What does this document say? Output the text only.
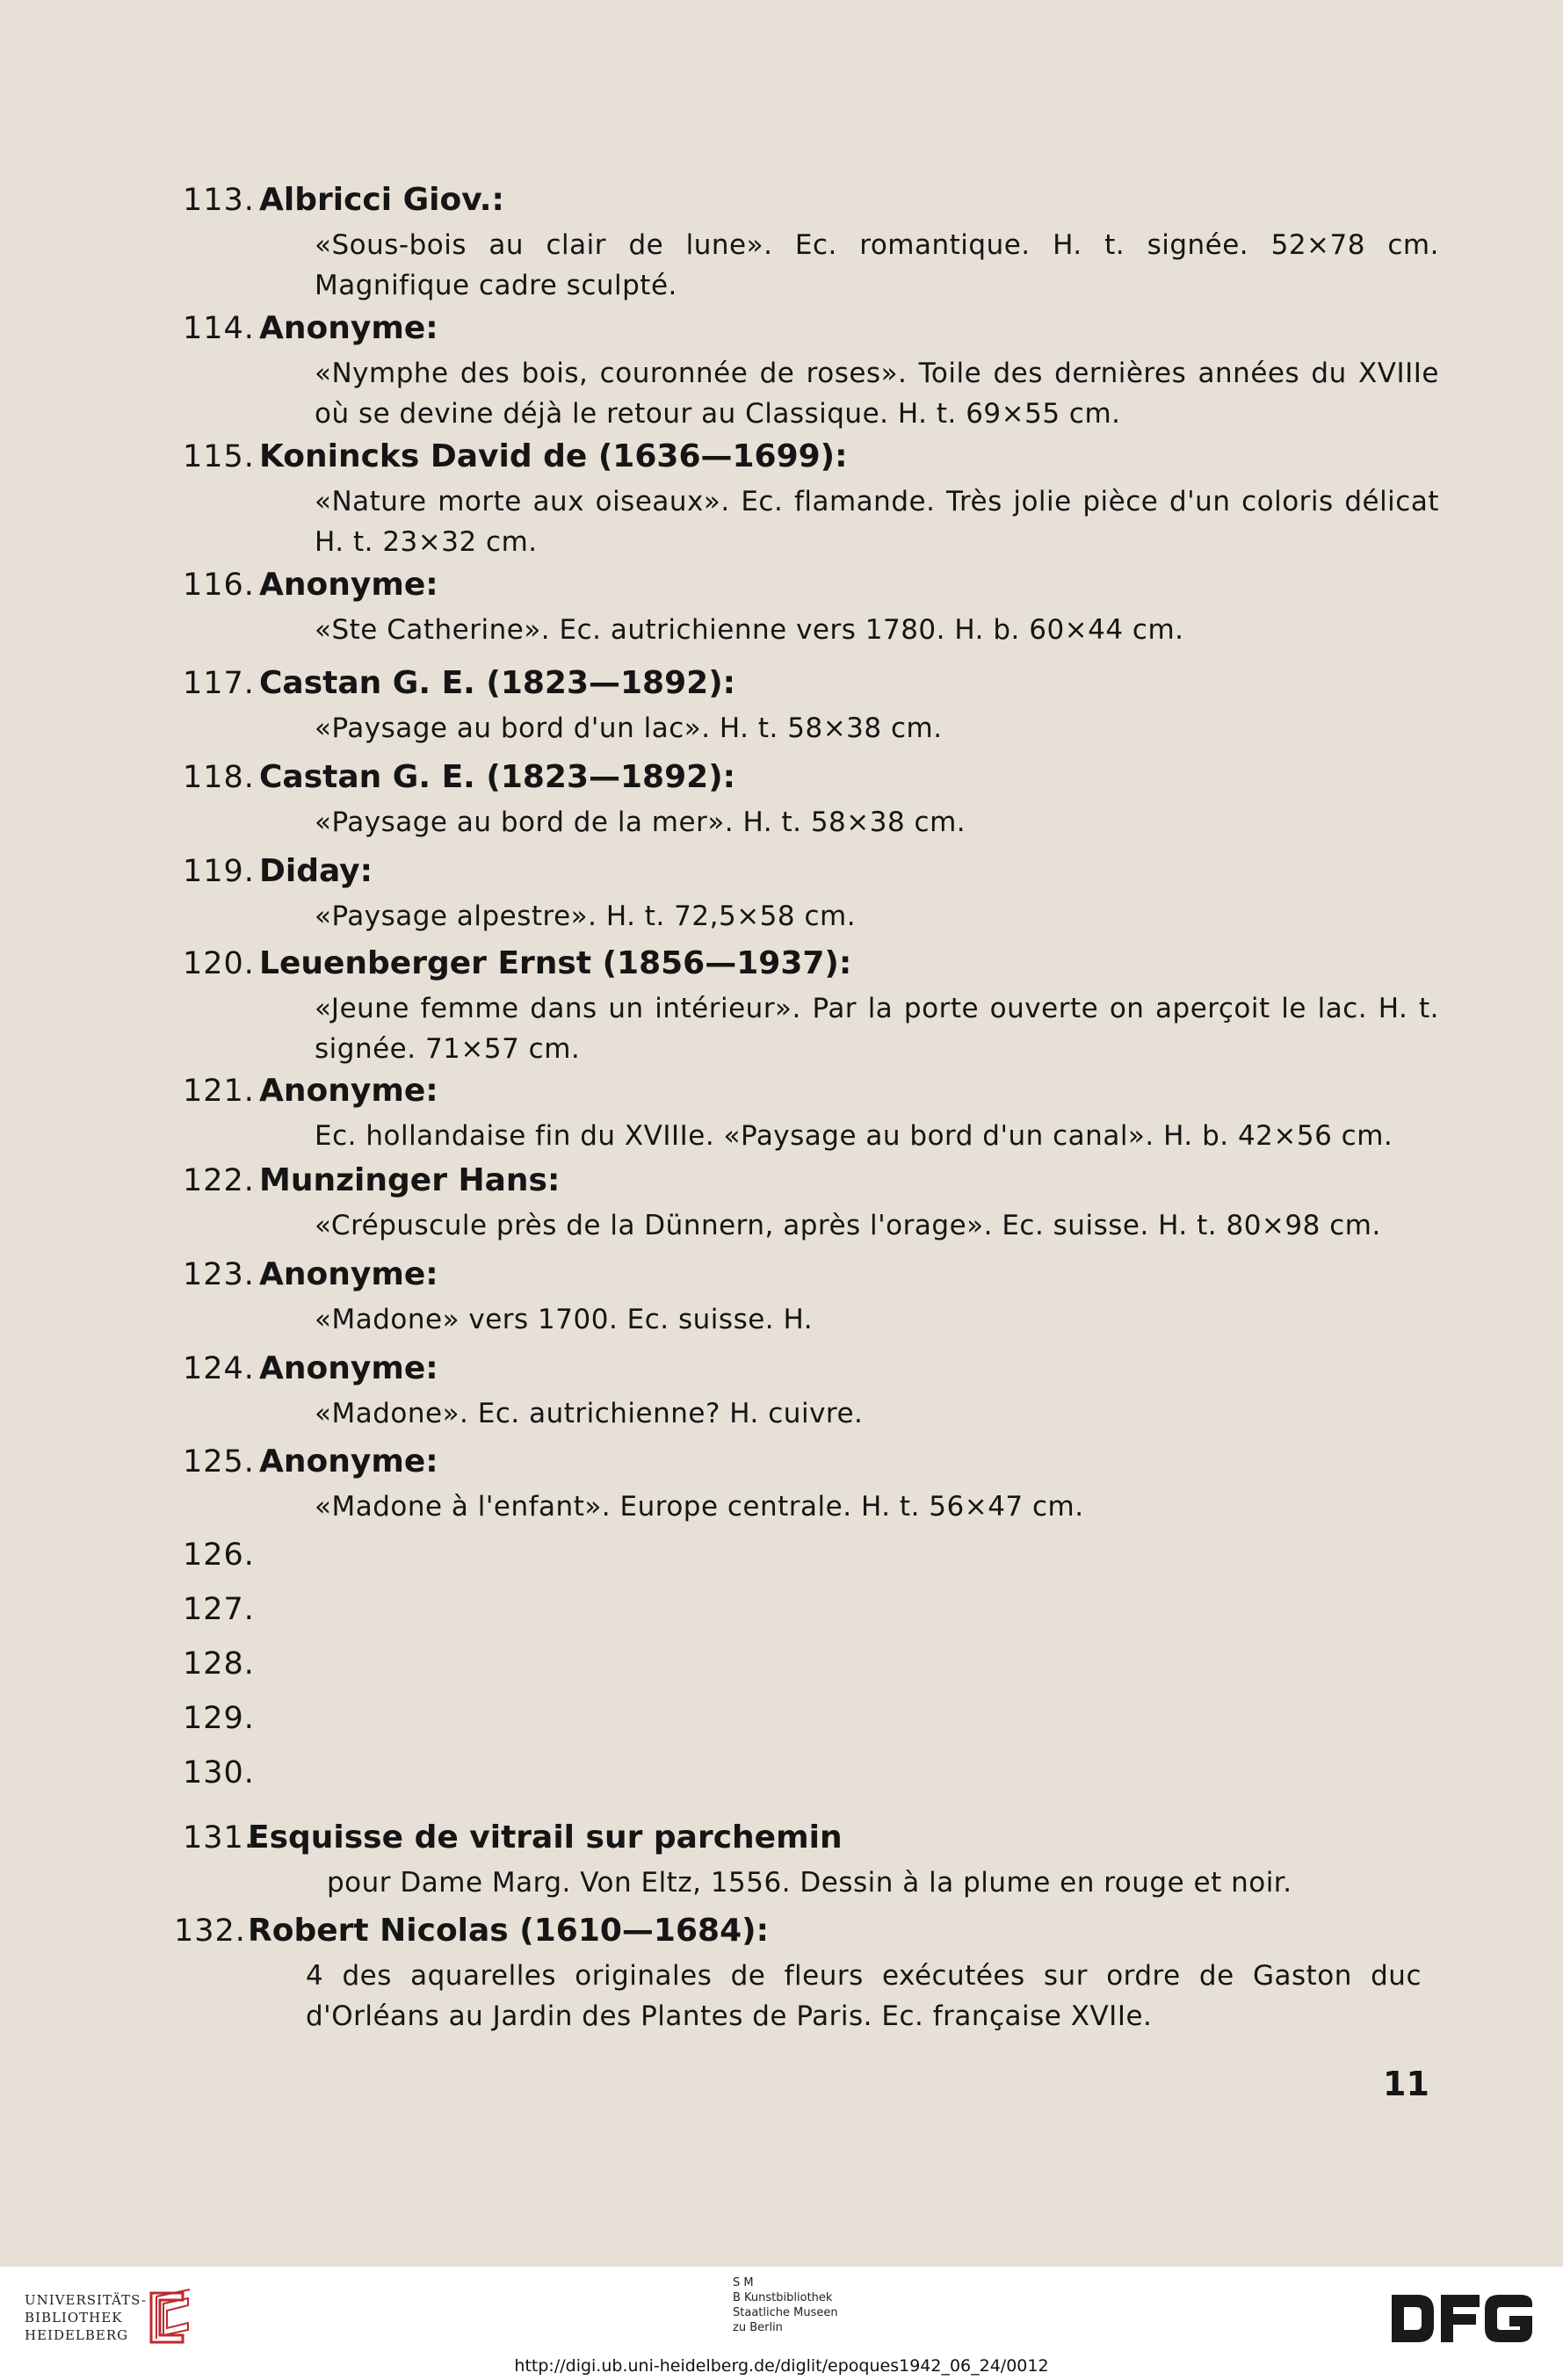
113. Albricci Giov.:
«Sous-bois au clair de lune». Ec. romantique. H. t. signée. 52×78 cm. Magnifique cadre sculpté.
114. Anonyme:
«Nymphe des bois, couronnée de roses». Toile des dernières années du XVIIIe où se devine déjà le retour au Classique. H. t. 69×55 cm.
115. Konincks David de (1636—1699):
«Nature morte aux oiseaux». Ec. flamande. Très jolie pièce d'un coloris délicat H. t. 23×32 cm.
116. Anonyme:
«Ste Catherine». Ec. autrichienne vers 1780. H. b. 60×44 cm.
117. Castan G. E. (1823—1892):
«Paysage au bord d'un lac». H. t. 58×38 cm.
118. Castan G. E. (1823—1892):
«Paysage au bord de la mer». H. t. 58×38 cm.
119. Diday:
«Paysage alpestre». H. t. 72,5×58 cm.
120. Leuenberger Ernst (1856—1937):
«Jeune femme dans un intérieur». Par la porte ouverte on aperçoit le lac. H. t. signée. 71×57 cm.
121. Anonyme:
Ec. hollandaise fin du XVIIIe. «Paysage au bord d'un canal». H. b. 42×56 cm.
122. Munzinger Hans:
«Crépuscule près de la Dünnern, après l'orage». Ec. suisse. H. t. 80×98 cm.
123. Anonyme:
«Madone» vers 1700. Ec. suisse. H.
124. Anonyme:
«Madone». Ec. autrichienne? H. cuivre.
125. Anonyme:
«Madone à l'enfant». Europe centrale. H. t. 56×47 cm.
126.
127.
128.
129.
130.
131.
Esquisse de vitrail sur parchemin
pour Dame Marg. Von Eltz, 1556. Dessin à la plume en rouge et noir.
132. Robert Nicolas (1610—1684):
4 des aquarelles originales de fleurs exécutées sur ordre de Gaston duc d'Orléans au Jardin des Plantes de Paris. Ec. française XVIIe.
11
UNIVERSITÄTS-
BIBLIOTHEK
HEIDELBERG
S M
B Kunstbibliothek
Staatliche Museen
zu Berlin
http://digi.ub.uni-heidelberg.de/diglit/epoques1942_06_24/0012
